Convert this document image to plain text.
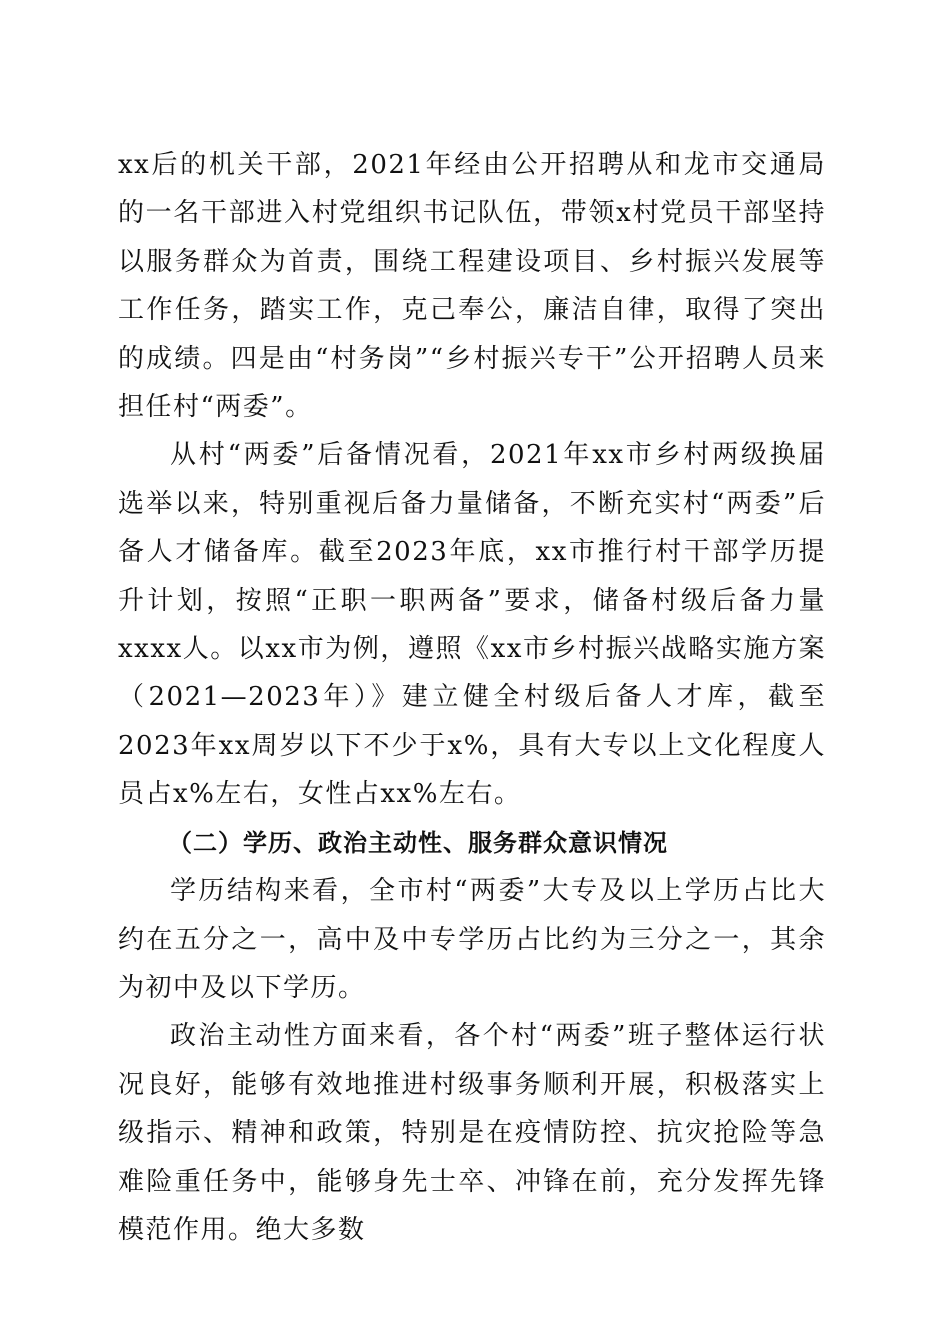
xx后的机关干部，2021年经由公开招聘从和龙市交通局的一名干部进入村党组织书记队伍，带领x村党员干部坚持以服务群众为首责，围绕工程建设项目、乡村振兴发展等工作任务，踏实工作，克己奉公，廉洁自律，取得了突出的成绩。四是由“村务岗”“乡村振兴专干”公开招聘人员来担任村“两委”。

从村“两委”后备情况看，2021年xx市乡村两级换届选举以来，特别重视后备力量储备，不断充实村“两委”后备人才储备库。截至2023年底，xx市推行村干部学历提升计划，按照“正职一职两备”要求，储备村级后备力量xxxx人。以xx市为例，遵照《xx市乡村振兴战略实施方案（2021—2023年）》建立健全村级后备人才库，截至2023年xx周岁以下不少于x%，具有大专以上文化程度人员占x%左右，女性占xx%左右。

（二）学历、政治主动性、服务群众意识情况

学历结构来看，全市村“两委”大专及以上学历占比大约在五分之一，高中及中专学历占比约为三分之一，其余为初中及以下学历。

政治主动性方面来看，各个村“两委”班子整体运行状况良好，能够有效地推进村级事务顺利开展，积极落实上级指示、精神和政策，特别是在疫情防控、抗灾抢险等急难险重任务中，能够身先士卒、冲锋在前，充分发挥先锋模范作用。绝大多数
